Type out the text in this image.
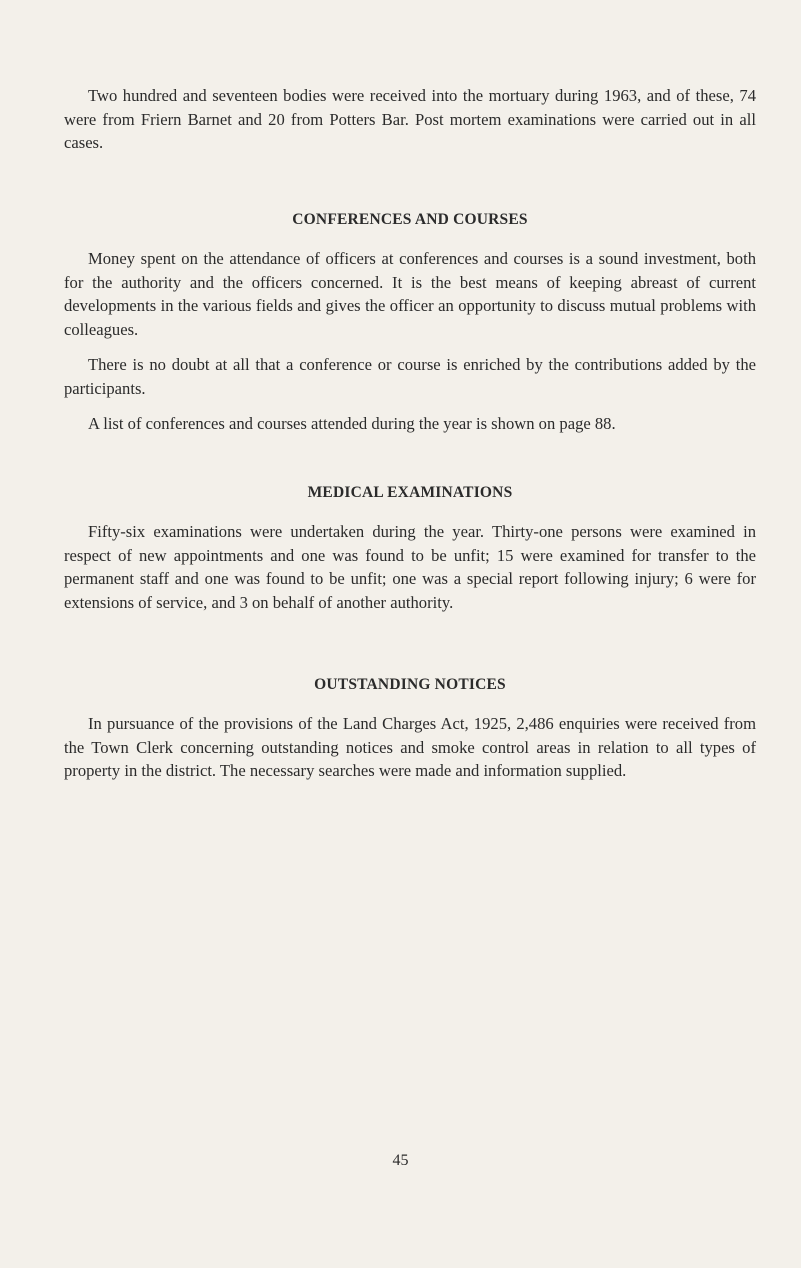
Two hundred and seventeen bodies were received into the mortuary during 1963, and of these, 74 were from Friern Barnet and 20 from Potters Bar. Post mortem examinations were carried out in all cases.

CONFERENCES AND COURSES

Money spent on the attendance of officers at conferences and courses is a sound investment, both for the authority and the officers concerned. It is the best means of keeping abreast of current developments in the various fields and gives the officer an opportunity to discuss mutual problems with colleagues.

There is no doubt at all that a conference or course is enriched by the contributions added by the participants.

A list of conferences and courses attended during the year is shown on page 88.

MEDICAL EXAMINATIONS

Fifty-six examinations were undertaken during the year. Thirty-one persons were examined in respect of new appointments and one was found to be unfit; 15 were examined for transfer to the permanent staff and one was found to be unfit; one was a special report following injury; 6 were for extensions of service, and 3 on behalf of another authority.

OUTSTANDING NOTICES

In pursuance of the provisions of the Land Charges Act, 1925, 2,486 enquiries were received from the Town Clerk concerning outstanding notices and smoke control areas in relation to all types of property in the district. The necessary searches were made and information supplied.

45
